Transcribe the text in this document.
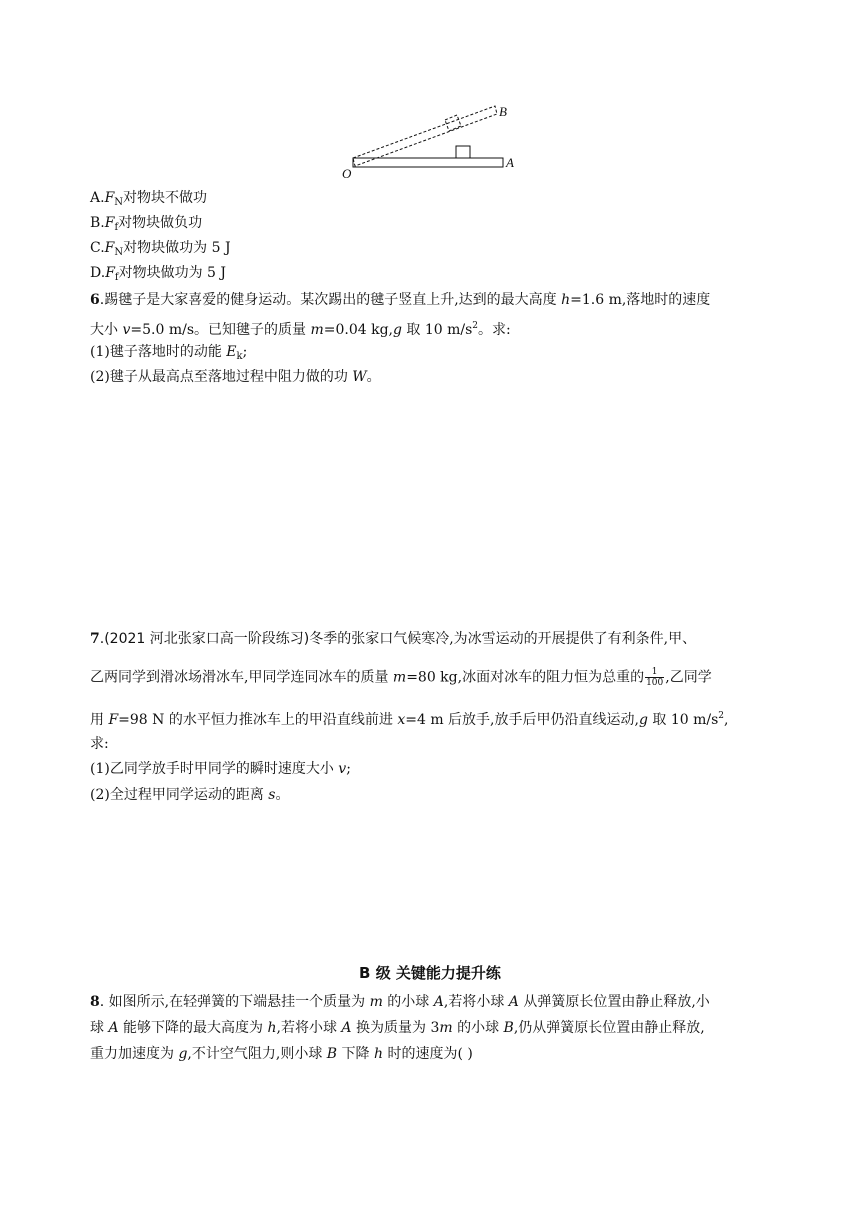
B
A
O
$A.F_N$对物块不做功
$B.F_f$对物块做负功
$C.F_N$对物块做功为 5 J
$D.F_f$对物块做功为 5 J
6.踢毽子是大家喜爱的健身运动。某次踢出的毽子竖直上升,达到的最大高度 h=1.6 m,落地时的速度
大小 v=5.0 m/s。已知毽子的质量 m=0.04 kg,g 取 10 $m/s^2$。求:
(1)毽子落地时的动能 $E_k$;
(2)毽子从最高点至落地过程中阻力做的功 W。
7.(2021 河北张家口高一阶段练习)冬季的张家口气候寒冷,为冰雪运动的开展提供了有利条件,甲、
乙两同学到滑冰场滑冰车,甲同学连同冰车的质量 m=80 kg,冰面对冰车的阻力恒为总重的 $\frac{1}{100}$ ,乙同学
用 F=98 N 的水平恒力推冰车上的甲沿直线前进 x=4 m 后放手,放手后甲仍沿直线运动,g 取 10 $m/s^2$,
求:
(1)乙同学放手时甲同学的瞬时速度大小 v;
(2)全过程甲同学运动的距离 s。
B 级 关键能力提升练
8. 如图所示,在轻弹簧的下端悬挂一个质量为 m 的小球 A,若将小球 A 从弹簧原长位置由静止释放,小
球 A 能够下降的最大高度为 h,若将小球 A 换为质量为 3m 的小球 B,仍从弹簧原长位置由静止释放,
重力加速度为 g,不计空气阻力,则小球 B 下降 h 时的速度为( )
